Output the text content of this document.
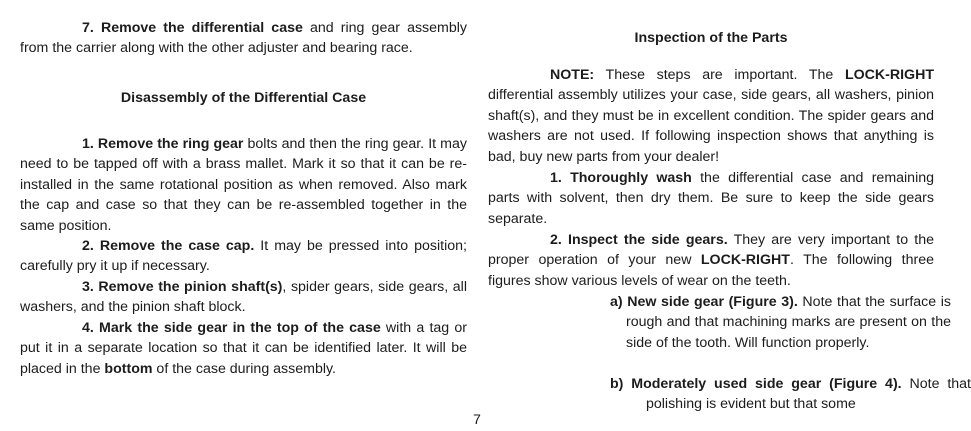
7. Remove the differential case and ring gear assembly from the carrier along with the other adjuster and bearing race.

Disassembly of the Differential Case

1. Remove the ring gear bolts and then the ring gear. It may need to be tapped off with a brass mallet. Mark it so that it can be re-installed in the same rotational position as when removed. Also mark the cap and case so that they can be re-assembled together in the same position.

2. Remove the case cap. It may be pressed into position; carefully pry it up if necessary.

3. Remove the pinion shaft(s), spider gears, side gears, all washers, and the pinion shaft block.

4. Mark the side gear in the top of the case with a tag or put it in a separate location so that it can be identified later. It will be placed in the bottom of the case during assembly.

Inspection of the Parts

NOTE: These steps are important. The LOCK-RIGHT differential assembly utilizes your case, side gears, all washers, pinion shaft(s), and they must be in excellent condition. The spider gears and washers are not used. If following inspection shows that anything is bad, buy new parts from your dealer!

1. Thoroughly wash the differential case and remaining parts with solvent, then dry them. Be sure to keep the side gears separate.

2. Inspect the side gears. They are very important to the proper operation of your new LOCK-RIGHT. The following three figures show various levels of wear on the teeth.

a) New side gear (Figure 3). Note that the surface is rough and that machining marks are present on the side of the tooth. Will function properly.

b) Moderately used side gear (Figure 4). Note that polishing is evident but that some

7
